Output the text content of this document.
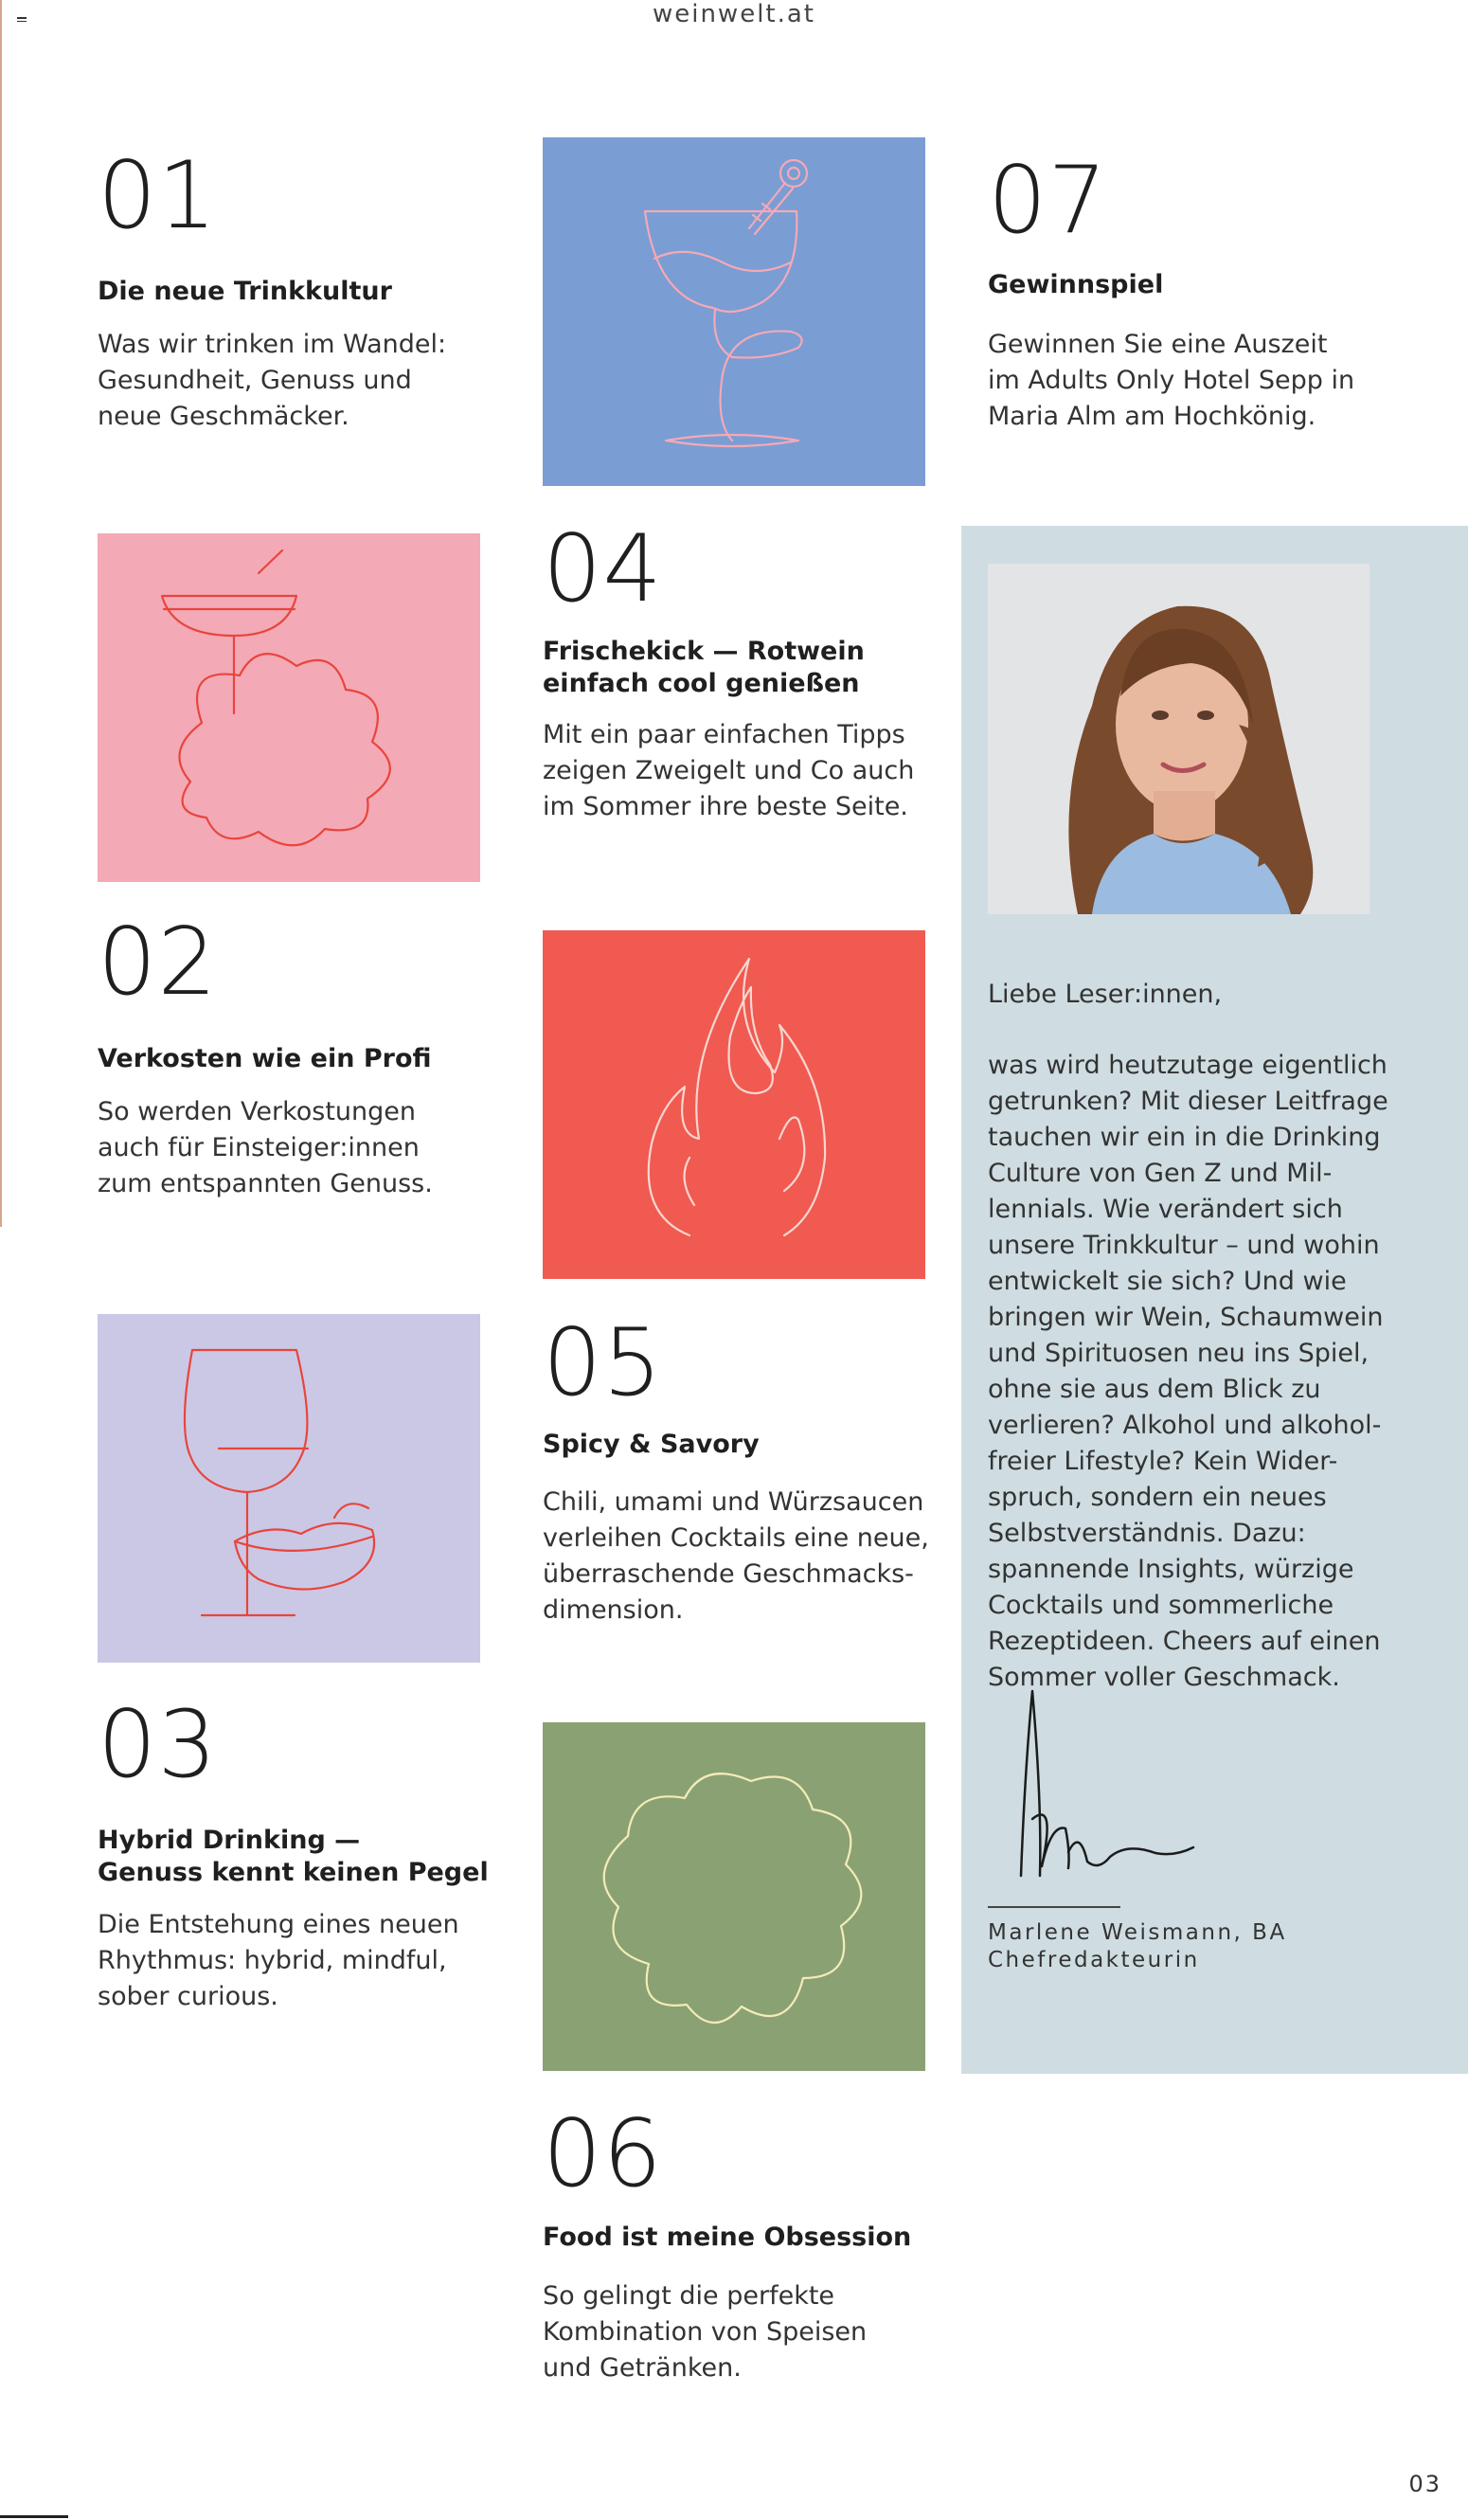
weinwelt.at
01
Die neue Trinkkultur
Was wir trinken im Wandel:
Gesundheit, Genuss und
neue Geschmäcker.
02
Verkosten wie ein Profi
So werden Verkostungen
auch für Einsteiger:innen
zum entspannten Genuss.
03
Hybrid Drinking —
Genuss kennt keinen Pegel
Die Entstehung eines neuen
Rhythmus: hybrid, mindful,
sober curious.
04
Frischekick — Rotwein
einfach cool genießen
Mit ein paar einfachen Tipps
zeigen Zweigelt und Co auch
im Sommer ihre beste Seite.
05
Spicy & Savory
Chili, umami und Würzsaucen
verleihen Cocktails eine neue,
überraschende Geschmacks-
dimension.
06
Food ist meine Obsession
So gelingt die perfekte
Kombination von Speisen
und Getränken.
07
Gewinnspiel
Gewinnen Sie eine Auszeit
im Adults Only Hotel Sepp in
Maria Alm am Hochkönig.
Liebe Leser:innen,
was wird heutzutage eigentlich
getrunken? Mit dieser Leitfrage
tauchen wir ein in die Drinking
Culture von Gen Z und Mil-
lennials. Wie verändert sich
unsere Trinkkultur – und wohin
entwickelt sie sich? Und wie
bringen wir Wein, Schaumwein
und Spirituosen neu ins Spiel,
ohne sie aus dem Blick zu
verlieren? Alkohol und alkohol-
freier Lifestyle? Kein Wider-
spruch, sondern ein neues
Selbstverständnis. Dazu:
spannende Insights, würzige
Cocktails und sommerliche
Rezeptideen. Cheers auf einen
Sommer voller Geschmack.
Marlene Weismann, BA
Chefredakteurin
03
